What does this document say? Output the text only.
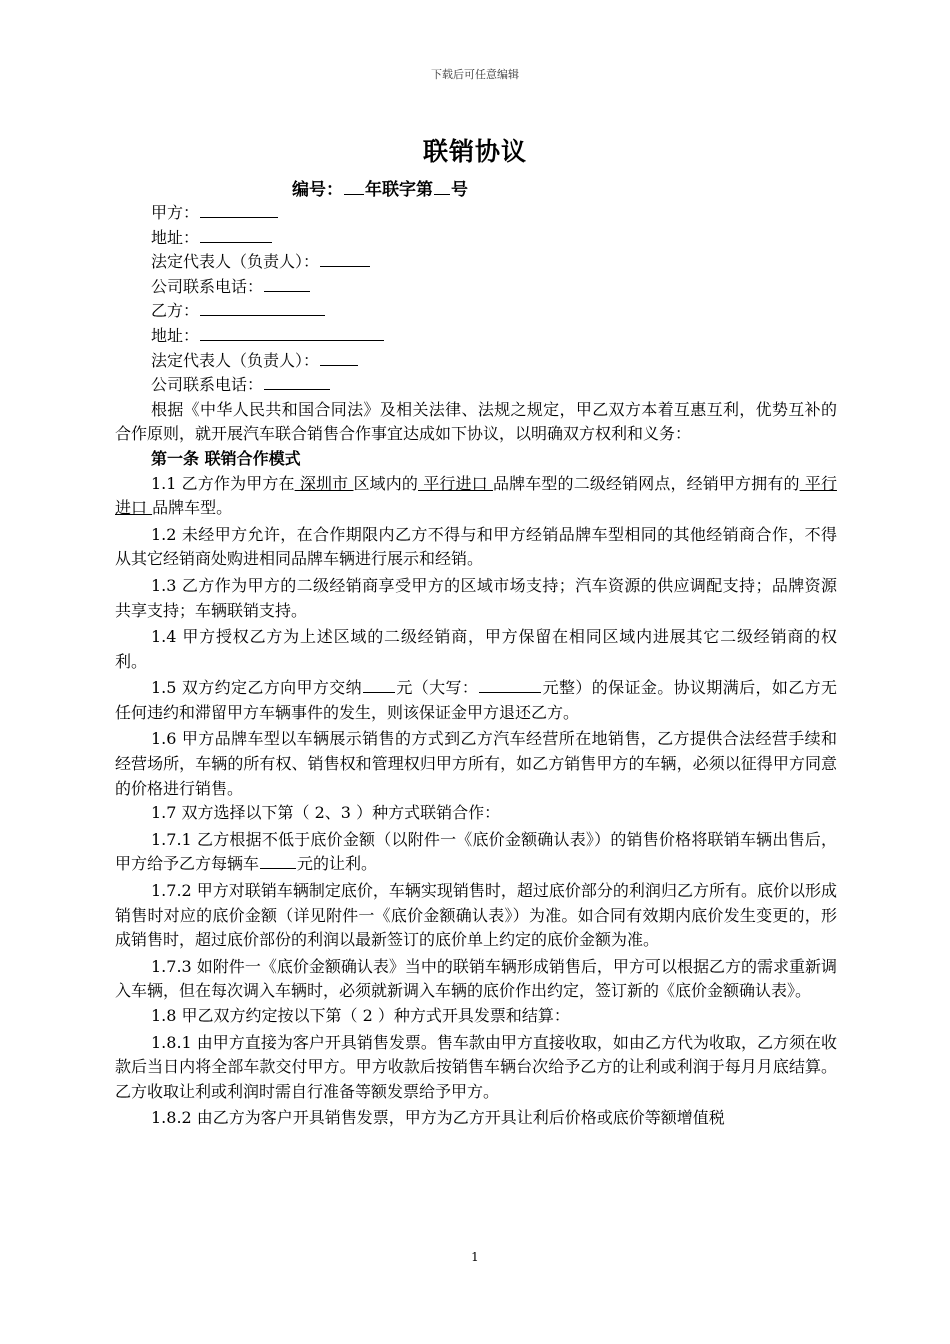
下载后可任意编辑
联销协议
编号： 年联字第 号
甲方：
地址：
法定代表人（负责人）：
公司联系电话：
乙方：
地址：
法定代表人（负责人）：
公司联系电话：

根据《中华人民共和国合同法》及相关法律、法规之规定，甲乙双方本着互惠互利，优势互补的合作原则，就开展汽车联合销售合作事宜达成如下协议，以明确双方权利和义务：

第一条 联销合作模式

1.1 乙方作为甲方在 深圳市 区域内的 平行进口 品牌车型的二级经销网点，经销甲方拥有的 平行进口 品牌车型。

1.2 未经甲方允许，在合作期限内乙方不得与和甲方经销品牌车型相同的其他经销商合作，不得从其它经销商处购进相同品牌车辆进行展示和经销。

1.3 乙方作为甲方的二级经销商享受甲方的区域市场支持；汽车资源的供应调配支持；品牌资源共享支持；车辆联销支持。

1.4 甲方授权乙方为上述区域的二级经销商，甲方保留在相同区域内进展其它二级经销商的权利。

1.5 双方约定乙方向甲方交纳 元（大写：	元整）的保证金。协议期满后，如乙方无任何违约和滞留甲方车辆事件的发生，则该保证金甲方退还乙方。

1.6 甲方品牌车型以车辆展示销售的方式到乙方汽车经营所在地销售，乙方提供合法经营手续和经营场所，车辆的所有权、销售权和管理权归甲方所有，如乙方销售甲方的车辆，必须以征得甲方同意的价格进行销售。

1.7 双方选择以下第（ 2、3 ）种方式联销合作：

1.7.1 乙方根据不低于底价金额（以附件一《底价金额确认表》）的销售价格将联销车辆出售后，甲方给予乙方每辆车 元的让利。

1.7.2 甲方对联销车辆制定底价，车辆实现销售时，超过底价部分的利润归乙方所有。底价以形成销售时对应的底价金额（详见附件一《底价金额确认表》）为准。如合同有效期内底价发生变更的，形成销售时，超过底价部份的利润以最新签订的底价单上约定的底价金额为准。

1.7.3 如附件一《底价金额确认表》当中的联销车辆形成销售后，甲方可以根据乙方的需求重新调入车辆，但在每次调入车辆时，必须就新调入车辆的底价作出约定，签订新的《底价金额确认表》。

1.8 甲乙双方约定按以下第（ 2 ）种方式开具发票和结算：

1.8.1 由甲方直接为客户开具销售发票。售车款由甲方直接收取，如由乙方代为收取，乙方须在收款后当日内将全部车款交付甲方。甲方收款后按销售车辆台次给予乙方的让利或利润于每月月底结算。乙方收取让利或利润时需自行准备等额发票给予甲方。

1.8.2 由乙方为客户开具销售发票，甲方为乙方开具让利后价格或底价等额增值税

1
